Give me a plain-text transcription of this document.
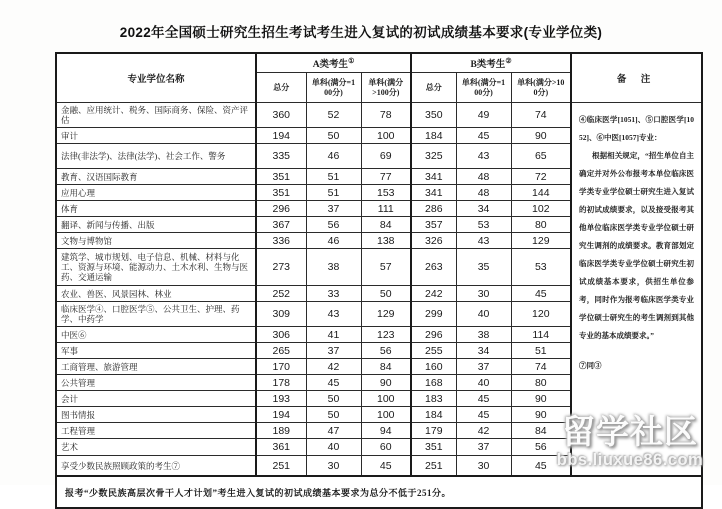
2022年全国硕士研究生招生考试考生进入复试的初试成绩基本要求(专业学位类)
专业学位名称	A类考生①			B类考生②			备 注
	总分	单科(满分=100分)	单科(满分>100分)	总分	单科(满分=100分)	单科(满分>100分)	
金融、应用统计、税务、国际商务、保险、资产评估	360	52	78	350	49	74	④临床医学[1051]、⑤口腔医学[1052]、⑥中医[1057]专业：
根据相关规定，“招生单位自主确定并对外公布报考本单位临床医学类专业学位硕士研究生进入复试的初试成绩要求，以及接受报考其他单位临床医学类专业学位硕士研究生调剂的成绩要求。教育部划定临床医学类专业学位硕士研究生初试成绩基本要求，供招生单位参考，同时作为报考临床医学类专业学位硕士研究生的考生调剂到其他专业的基本成绩要求。”
⑦同③

审计	194	50	100	184	45	90	
法律(非法学)、法律(法学)、社会工作、警务	335	46	69	325	43	65	
教育、汉语国际教育	351	51	77	341	48	72	
应用心理	351	51	153	341	48	144	
体育	296	37	111	286	34	102	
翻译、新闻与传播、出版	367	56	84	357	53	80	
文物与博物馆	336	46	138	326	43	129	
建筑学、城市规划、电子信息、机械、材料与化工、资源与环境、能源动力、土木水利、生物与医药、交通运输	273	38	57	263	35	53	
农业、兽医、风景园林、林业	252	33	50	242	30	45	
临床医学④、口腔医学⑤、公共卫生、护理、药学、中药学	309	43	129	299	40	120	
中医⑥	306	41	123	296	38	114	
军事	265	37	56	255	34	51	
工商管理、旅游管理	170	42	84	160	37	74	
公共管理	178	45	90	168	40	80	
会计	193	50	100	183	45	90	
图书情报	194	50	100	184	45	90	
工程管理	189	47	94	179	42	84	
艺术	361	40	60	351	37	56	
享受少数民族照顾政策的考生⑦	251	30	45	251	30	45	
报考“少数民族高层次骨干人才计划”考生进入复试的初试成绩基本要求为总分不低于251分。							
留学社区
bbs.liuxue86.com
